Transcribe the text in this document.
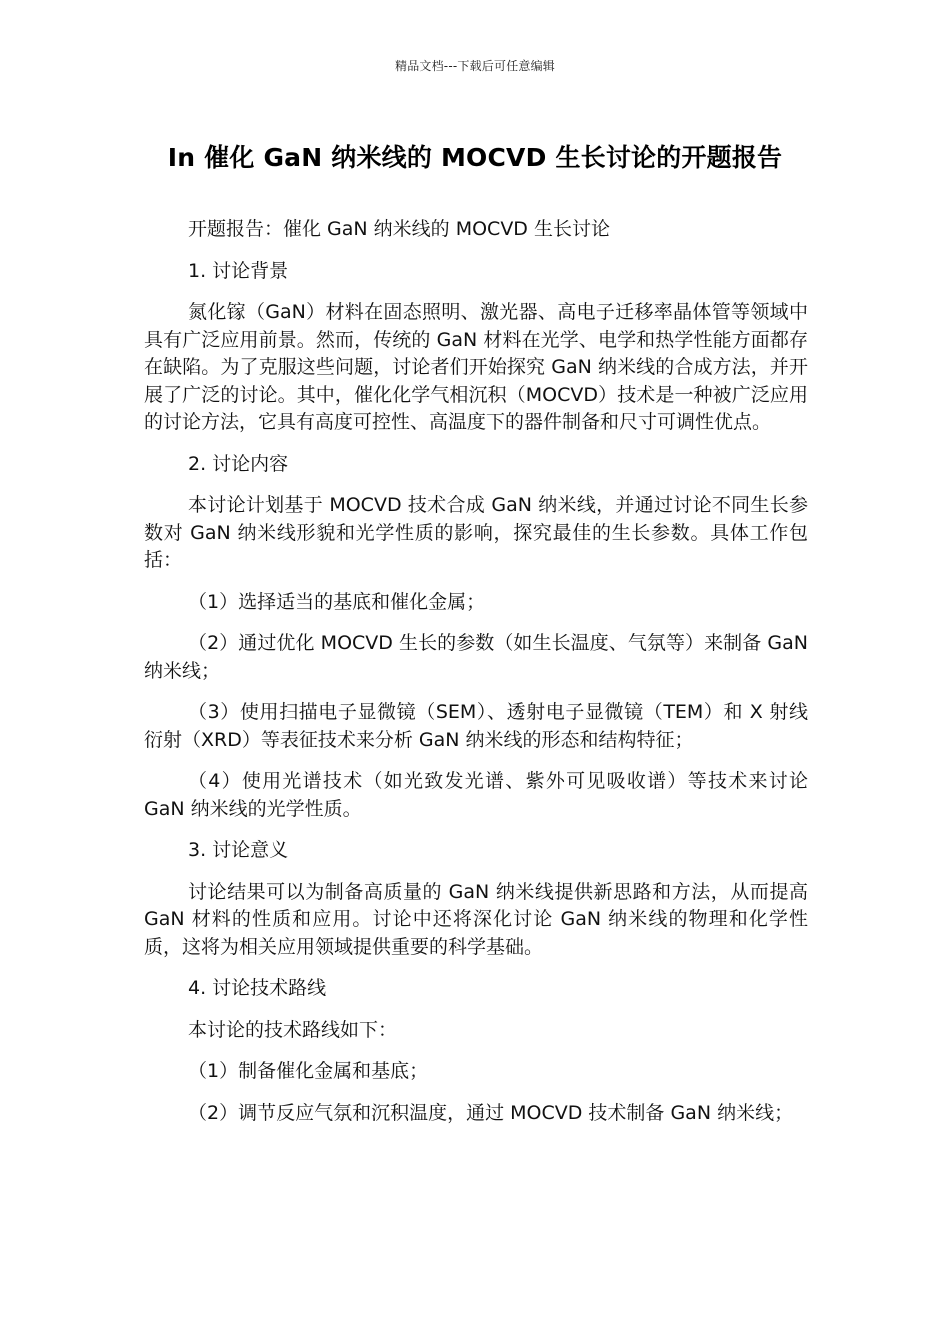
精品文档---下载后可任意编辑
In 催化 GaN 纳米线的 MOCVD 生长讨论的开题报告

开题报告：催化 GaN 纳米线的 MOCVD 生长讨论

1. 讨论背景

氮化镓（GaN）材料在固态照明、激光器、高电子迁移率晶体管等领域中具有广泛应用前景。然而，传统的 GaN 材料在光学、电学和热学性能方面都存在缺陷。为了克服这些问题，讨论者们开始探究 GaN 纳米线的合成方法，并开展了广泛的讨论。其中，催化化学气相沉积（MOCVD）技术是一种被广泛应用的讨论方法，它具有高度可控性、高温度下的器件制备和尺寸可调性优点。

2. 讨论内容

本讨论计划基于 MOCVD 技术合成 GaN 纳米线，并通过讨论不同生长参数对 GaN 纳米线形貌和光学性质的影响，探究最佳的生长参数。具体工作包括：

（1）选择适当的基底和催化金属；

（2）通过优化 MOCVD 生长的参数（如生长温度、气氛等）来制备 GaN 纳米线；

（3）使用扫描电子显微镜（SEM）、透射电子显微镜（TEM）和 X 射线衍射（XRD）等表征技术来分析 GaN 纳米线的形态和结构特征；

（4）使用光谱技术（如光致发光谱、紫外可见吸收谱）等技术来讨论 GaN 纳米线的光学性质。

3. 讨论意义

讨论结果可以为制备高质量的 GaN 纳米线提供新思路和方法，从而提高 GaN 材料的性质和应用。讨论中还将深化讨论 GaN 纳米线的物理和化学性质，这将为相关应用领域提供重要的科学基础。

4. 讨论技术路线

本讨论的技术路线如下：

（1）制备催化金属和基底；

（2）调节反应气氛和沉积温度，通过 MOCVD 技术制备 GaN 纳米线；
